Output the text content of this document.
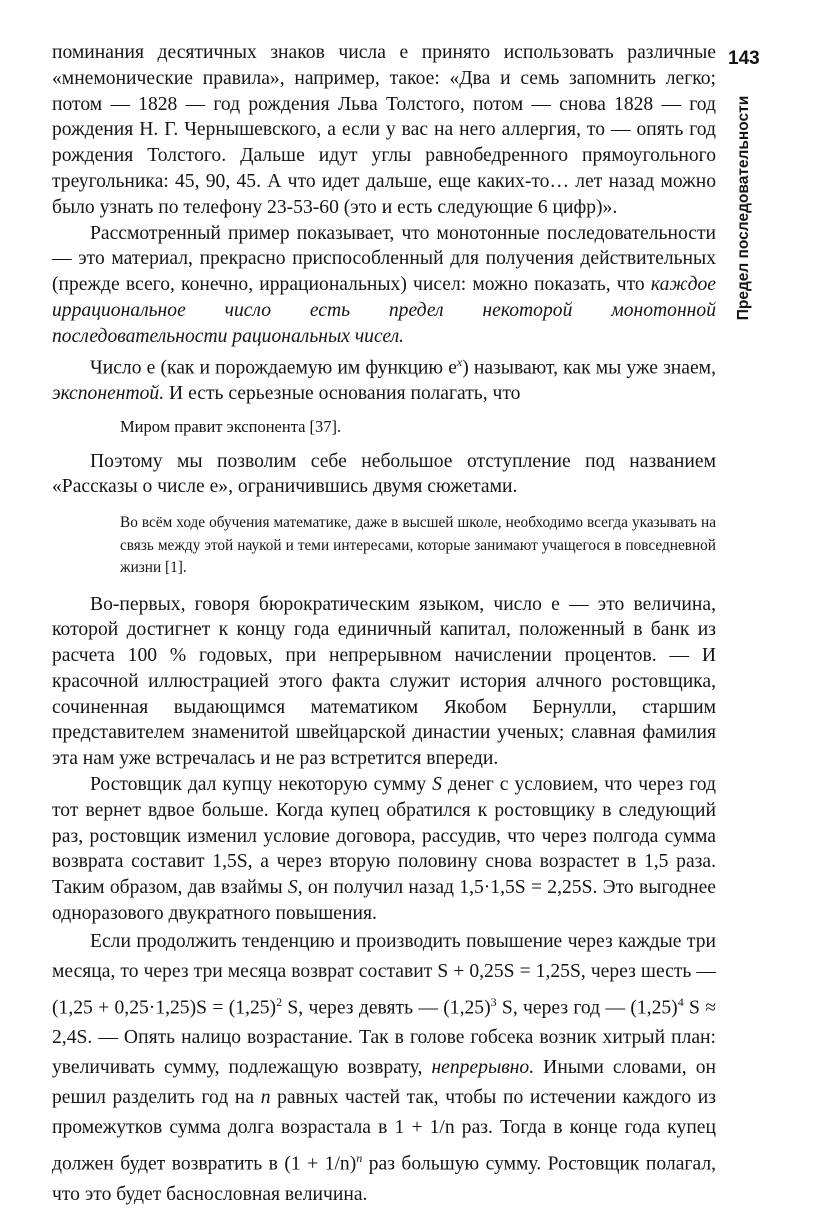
143
Предел последовательности

поминания десятичных знаков числа e принято использовать различные «мнемонические правила», например, такое: «Два и семь запомнить легко; потом — 1828 — год рождения Льва Толстого, потом — снова 1828 — год рождения Н. Г. Чернышевского, а если у вас на него аллергия, то — опять год рождения Толстого. Дальше идут углы равнобедренного прямоугольного треугольника: 45, 90, 45. А что идет дальше, еще каких-то… лет назад можно было узнать по телефону 23-53-60 (это и есть следующие 6 цифр)».

Рассмотренный пример показывает, что монотонные последовательности — это материал, прекрасно приспособленный для получения действительных (прежде всего, конечно, иррациональных) чисел: можно показать, что каждое иррациональное число есть предел некоторой монотонной последовательности рациональных чисел.

Число e (как и порождаемую им функцию $e^x$) называют, как мы уже знаем, экспонентой. И есть серьезные основания полагать, что

Миром правит экспонента [37].

Поэтому мы позволим себе небольшое отступление под названием «Рассказы о числе e», ограничившись двумя сюжетами.

Во всём ходе обучения математике, даже в высшей школе, необходимо всегда указывать на связь между этой наукой и теми интересами, которые занимают учащегося в повседневной жизни [1].

Во-первых, говоря бюрократическим языком, число e — это величина, которой достигнет к концу года единичный капитал, положенный в банк из расчета 100 % годовых, при непрерывном начислении процентов. — И красочной иллюстрацией этого факта служит история алчного ростовщика, сочиненная выдающимся математиком Якобом Бернулли, старшим представителем знаменитой швейцарской династии ученых; славная фамилия эта нам уже встречалась и не раз встретится впереди.

Ростовщик дал купцу некоторую сумму S денег с условием, что через год тот вернет вдвое больше. Когда купец обратился к ростовщику в следующий раз, ростовщик изменил условие договора, рассудив, что через полгода сумма возврата составит 1,5S, а через вторую половину снова возрастет в 1,5 раза. Таким образом, дав взаймы S, он получил назад 1,5·1,5S = 2,25S. Это выгоднее одноразового двукратного повышения.

Если продолжить тенденцию и производить повышение через каждые три месяца, то через три месяца возврат составит S + 0,25S = 1,25S, через шесть — $(1,25 + 0,25\cdot 1,25)S = (1,25)^2$ S, через девять — $(1,25)^3$ S, через год — $(1,25)^4$ S ≈ 2,4S. — Опять налицо возрастание. Так в голове гобсека возник хитрый план: увеличивать сумму, подлежащую возврату, непрерывно. Иными словами, он решил разделить год на n равных частей так, чтобы по истечении каждого из промежутков сумма долга возрастала в 1 + 1/n раз. Тогда в конце года купец должен будет возвратить в $(1 + 1/n)^n$ раз большую сумму. Ростовщик полагал, что это будет баснословная величина.
